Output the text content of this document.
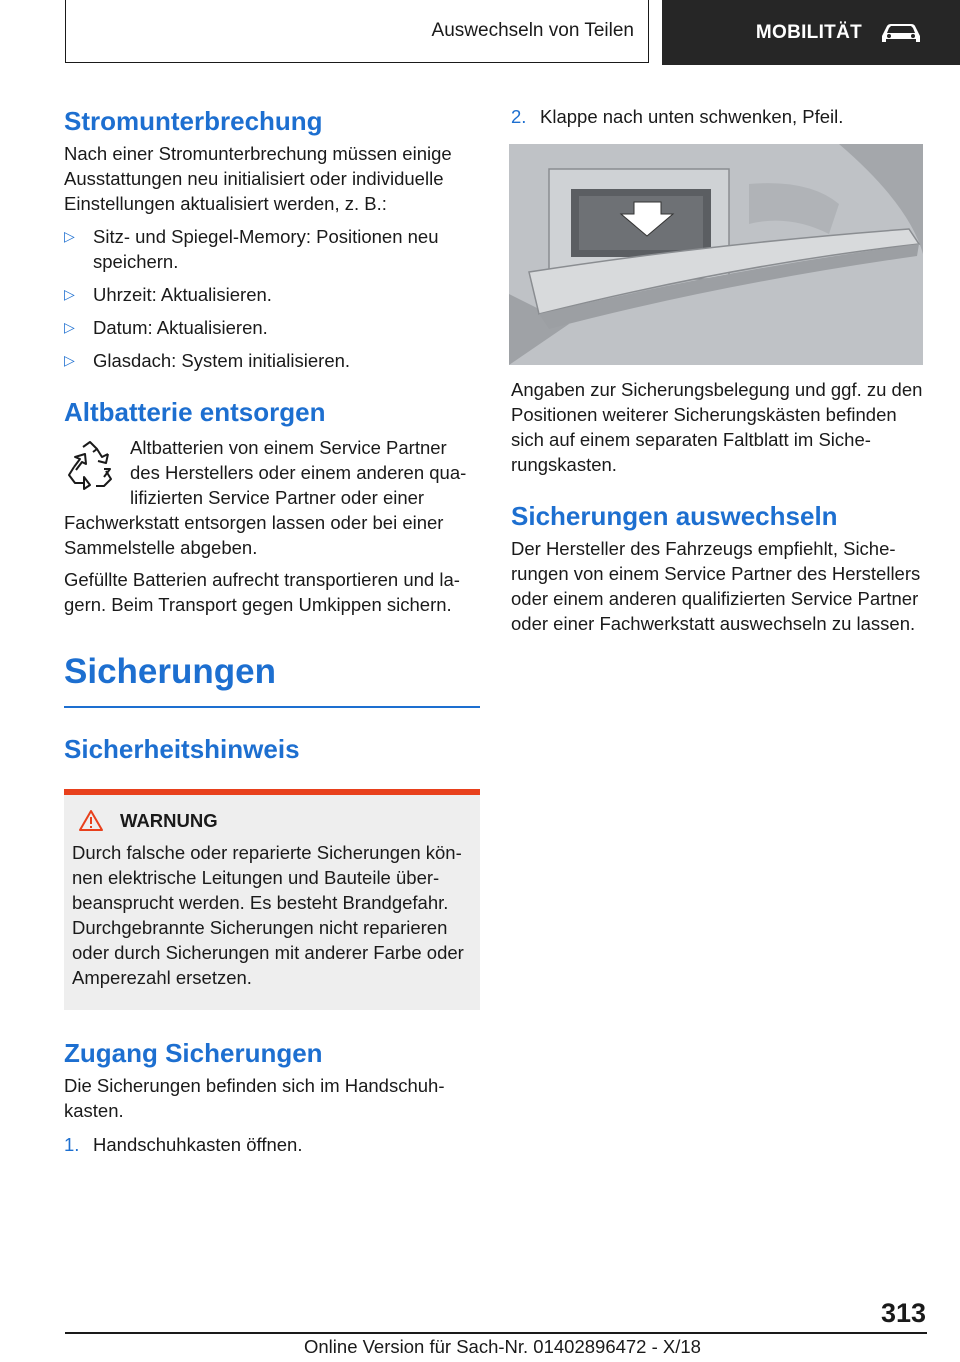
Auswechseln von Teilen	MOBILITÄT
Stromunterbrechung

Nach einer Stromunterbrechung müssen einige Ausstattungen neu initialisiert oder individuelle Einstellungen aktualisiert werden, z. B.:

▷ Sitz- und Spiegel-Memory: Positionen neu speichern.
▷ Uhrzeit: Aktualisieren.
▷ Datum: Aktualisieren.
▷ Glasdach: System initialisieren.
Altbatterie entsorgen

Altbatterien von einem Service Partner des Herstellers oder einem anderen qualifizierten Service Partner oder einer Fachwerkstatt entsorgen lassen oder bei einer Sammelstelle abgeben.

Gefüllte Batterien aufrecht transportieren und lagern. Beim Transport gegen Umkippen sichern.

Sicherungen
Sicherheitshinweis
WARNUNG
Durch falsche oder reparierte Sicherungen können elektrische Leitungen und Bauteile überbeansprucht werden. Es besteht Brandgefahr. Durchgebrannte Sicherungen nicht reparieren oder durch Sicherungen mit anderer Farbe oder Amperezahl ersetzen.
Zugang Sicherungen

Die Sicherungen befinden sich im Handschuhkasten.

1. Handschuhkasten öffnen.
2. Klappe nach unten schwenken, Pfeil.

Angaben zur Sicherungsbelegung und ggf. zu den Positionen weiterer Sicherungskästen befinden sich auf einem separaten Faltblatt im Sicherungskasten.

Sicherungen auswechseln

Der Hersteller des Fahrzeugs empfiehlt, Sicherungen von einem Service Partner des Herstellers oder einem anderen qualifizierten Service Partner oder einer Fachwerkstatt auswechseln zu lassen.

313
Online Version für Sach-Nr. 01402896472 - X/18
